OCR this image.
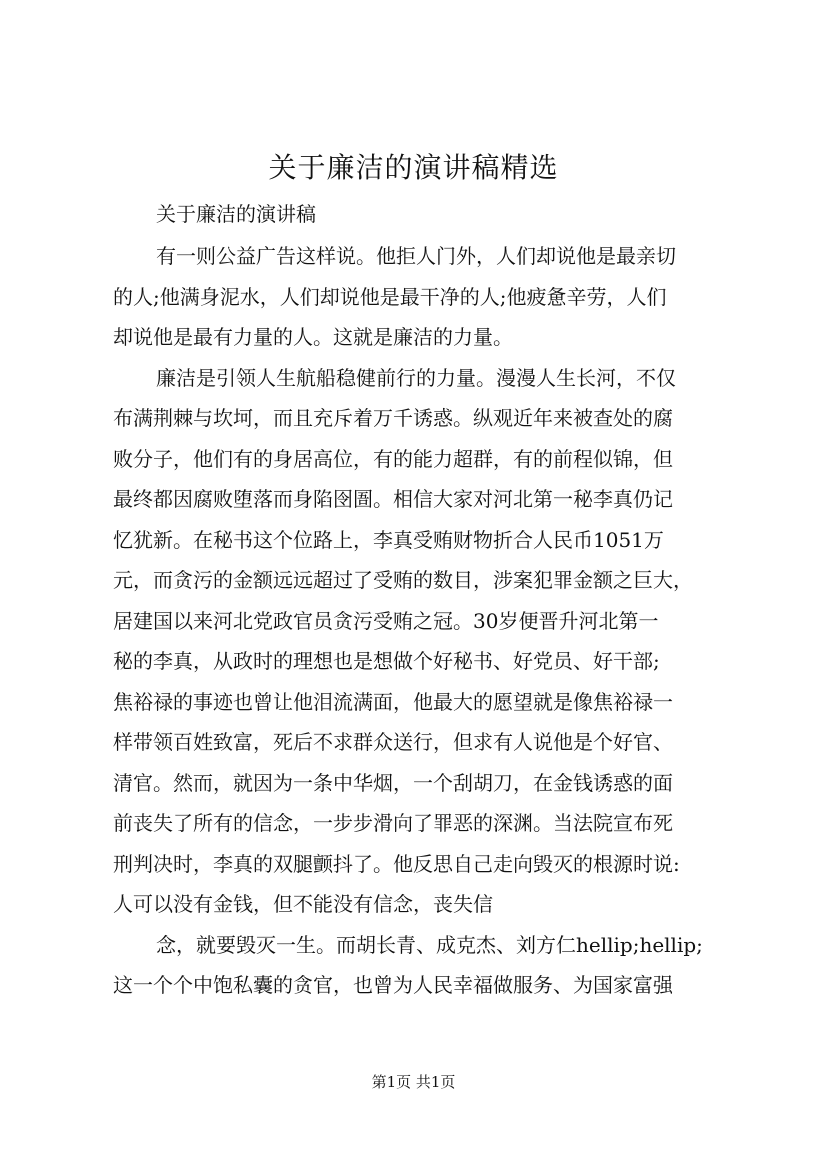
关于廉洁的演讲稿精选
关于廉洁的演讲稿
有一则公益广告这样说。他拒人门外，人们却说他是最亲切
的人;他满身泥水，人们却说他是最干净的人;他疲惫辛劳，人们
却说他是最有力量的人。这就是廉洁的力量。
廉洁是引领人生航船稳健前行的力量。漫漫人生长河，不仅
布满荆棘与坎坷，而且充斥着万千诱惑。纵观近年来被查处的腐
败分子，他们有的身居高位，有的能力超群，有的前程似锦，但
最终都因腐败堕落而身陷囹圄。相信大家对河北第一秘李真仍记
忆犹新。在秘书这个位路上，李真受贿财物折合人民币1051万
元，而贪污的金额远远超过了受贿的数目，涉案犯罪金额之巨大，
居建国以来河北党政官员贪污受贿之冠。30岁便晋升河北第一
秘的李真，从政时的理想也是想做个好秘书、好党员、好干部;
焦裕禄的事迹也曾让他泪流满面，他最大的愿望就是像焦裕禄一
样带领百姓致富，死后不求群众送行，但求有人说他是个好官、
清官。然而，就因为一条中华烟，一个刮胡刀，在金钱诱惑的面
前丧失了所有的信念，一步步滑向了罪恶的深渊。当法院宣布死
刑判决时，李真的双腿颤抖了。他反思自己走向毁灭的根源时说:
人可以没有金钱，但不能没有信念，丧失信
念，就要毁灭一生。而胡长青、成克杰、刘方仁hellip;hellip;
这一个个中饱私囊的贪官，也曾为人民幸福做服务、为国家富强
第1页 共1页
